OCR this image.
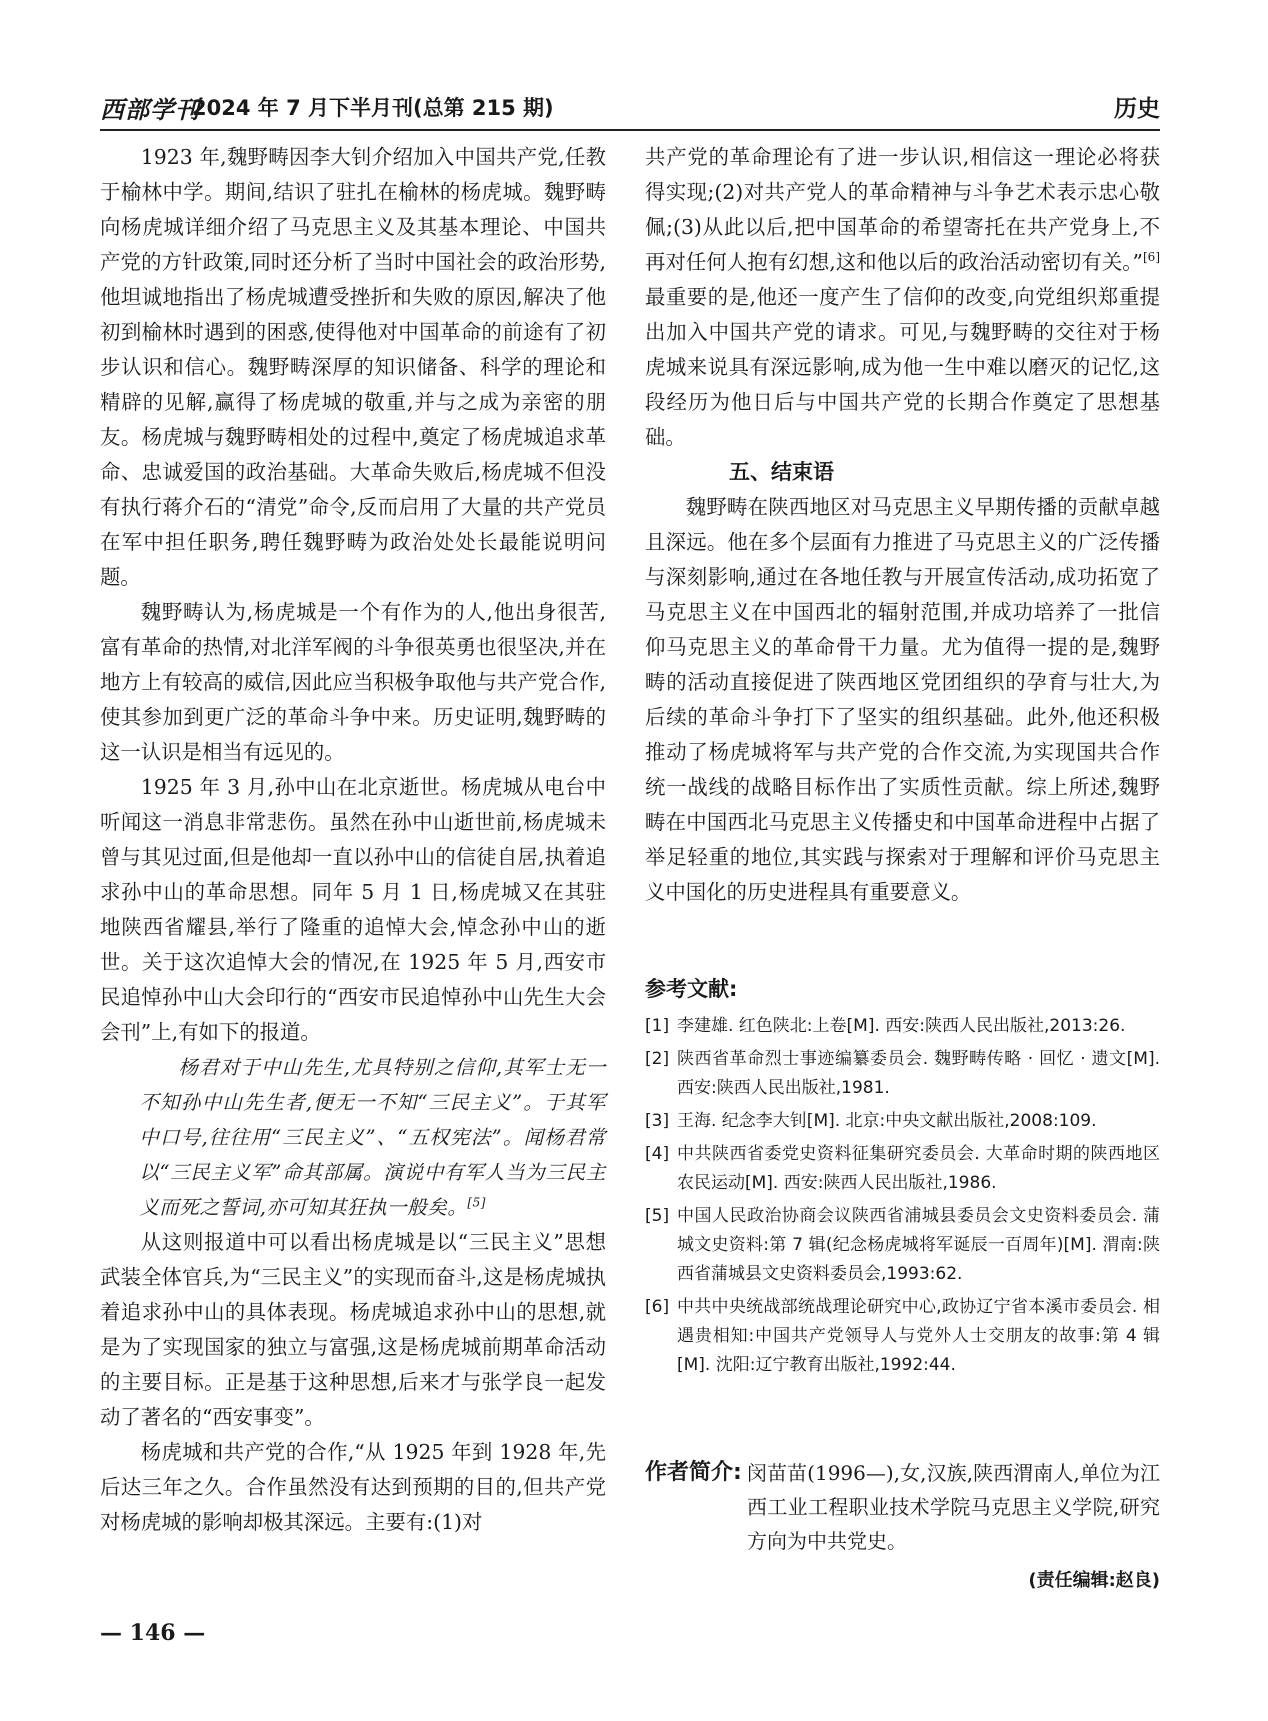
西部学刊
2024 年 7 月下半月刊(总第 215 期)	历史

1923 年,魏野畴因李大钊介绍加入中国共产党,任教于榆林中学。期间,结识了驻扎在榆林的杨虎城。魏野畴向杨虎城详细介绍了马克思主义及其基本理论、中国共产党的方针政策,同时还分析了当时中国社会的政治形势,他坦诚地指出了杨虎城遭受挫折和失败的原因,解决了他初到榆林时遇到的困惑,使得他对中国革命的前途有了初步认识和信心。魏野畴深厚的知识储备、科学的理论和精辟的见解,赢得了杨虎城的敬重,并与之成为亲密的朋友。杨虎城与魏野畴相处的过程中,奠定了杨虎城追求革命、忠诚爱国的政治基础。大革命失败后,杨虎城不但没有执行蒋介石的“清党”命令,反而启用了大量的共产党员在军中担任职务,聘任魏野畴为政治处处长最能说明问题。

魏野畴认为,杨虎城是一个有作为的人,他出身很苦,富有革命的热情,对北洋军阀的斗争很英勇也很坚决,并在地方上有较高的威信,因此应当积极争取他与共产党合作,使其参加到更广泛的革命斗争中来。历史证明,魏野畴的这一认识是相当有远见的。

1925 年 3 月,孙中山在北京逝世。杨虎城从电台中听闻这一消息非常悲伤。虽然在孙中山逝世前,杨虎城未曾与其见过面,但是他却一直以孙中山的信徒自居,执着追求孙中山的革命思想。同年 5 月 1 日,杨虎城又在其驻地陕西省耀县,举行了隆重的追悼大会,悼念孙中山的逝世。关于这次追悼大会的情况,在 1925 年 5 月,西安市民追悼孙中山大会印行的“西安市民追悼孙中山先生大会会刊”上,有如下的报道。

杨君对于中山先生,尤具特别之信仰,其军士无一不知孙中山先生者,便无一不知“三民主义”。于其军中口号,往往用“三民主义”、“五权宪法”。闻杨君常以“三民主义军”命其部属。演说中有军人当为三民主义而死之誓词,亦可知其狂执一般矣。[5]

从这则报道中可以看出杨虎城是以“三民主义”思想武装全体官兵,为“三民主义”的实现而奋斗,这是杨虎城执着追求孙中山的具体表现。杨虎城追求孙中山的思想,就是为了实现国家的独立与富强,这是杨虎城前期革命活动的主要目标。正是基于这种思想,后来才与张学良一起发动了著名的“西安事变”。

杨虎城和共产党的合作,“从 1925 年到 1928 年,先后达三年之久。合作虽然没有达到预期的目的,但共产党对杨虎城的影响却极其深远。主要有:(1)对

共产党的革命理论有了进一步认识,相信这一理论必将获得实现;(2)对共产党人的革命精神与斗争艺术表示忠心敬佩;(3)从此以后,把中国革命的希望寄托在共产党身上,不再对任何人抱有幻想,这和他以后的政治活动密切有关。”[6]最重要的是,他还一度产生了信仰的改变,向党组织郑重提出加入中国共产党的请求。可见,与魏野畴的交往对于杨虎城来说具有深远影响,成为他一生中难以磨灭的记忆,这段经历为他日后与中国共产党的长期合作奠定了思想基础。

五、结束语

魏野畴在陕西地区对马克思主义早期传播的贡献卓越且深远。他在多个层面有力推进了马克思主义的广泛传播与深刻影响,通过在各地任教与开展宣传活动,成功拓宽了马克思主义在中国西北的辐射范围,并成功培养了一批信仰马克思主义的革命骨干力量。尤为值得一提的是,魏野畴的活动直接促进了陕西地区党团组织的孕育与壮大,为后续的革命斗争打下了坚实的组织基础。此外,他还积极推动了杨虎城将军与共产党的合作交流,为实现国共合作统一战线的战略目标作出了实质性贡献。综上所述,魏野畴在中国西北马克思主义传播史和中国革命进程中占据了举足轻重的地位,其实践与探索对于理解和评价马克思主义中国化的历史进程具有重要意义。

参考文献:
[1] 李建雄. 红色陕北:上卷[M]. 西安:陕西人民出版社,2013:26.
[2] 陕西省革命烈士事迹编纂委员会. 魏野畴传略 · 回忆 · 遗文[M]. 西安:陕西人民出版社,1981.
[3] 王海. 纪念李大钊[M]. 北京:中央文献出版社,2008:109.
[4] 中共陕西省委党史资料征集研究委员会. 大革命时期的陕西地区农民运动[M]. 西安:陕西人民出版社,1986.
[5] 中国人民政治协商会议陕西省浦城县委员会文史资料委员会. 蒲城文史资料:第 7 辑(纪念杨虎城将军诞辰一百周年)[M]. 渭南:陕西省蒲城县文史资料委员会,1993:62.
[6] 中共中央统战部统战理论研究中心,政协辽宁省本溪市委员会. 相遇贵相知:中国共产党领导人与党外人士交朋友的故事:第 4 辑[M]. 沈阳:辽宁教育出版社,1992:44.
作者简介: 闵苗苗(1996—),女,汉族,陕西渭南人,单位为江西工业工程职业技术学院马克思主义学院,研究方向为中共党史。
(责任编辑:赵良)
— 146 —
